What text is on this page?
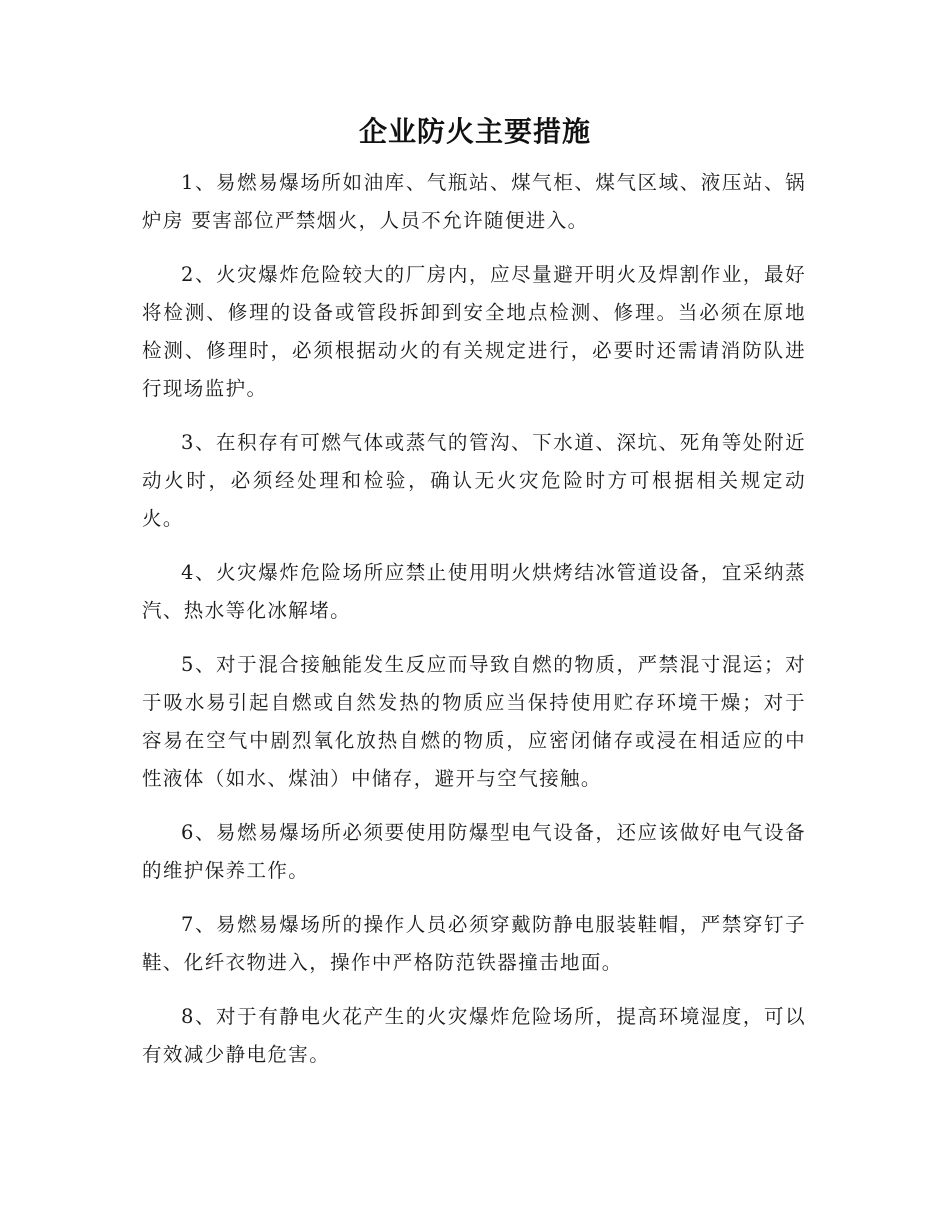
企业防火主要措施

1、易燃易爆场所如油库、气瓶站、煤气柜、煤气区域、液压站、锅炉房 要害部位严禁烟火，人员不允许随便进入。

2、火灾爆炸危险较大的厂房内，应尽量避开明火及焊割作业，最好将检测、修理的设备或管段拆卸到安全地点检测、修理。当必须在原地检测、修理时，必须根据动火的有关规定进行，必要时还需请消防队进行现场监护。

3、在积存有可燃气体或蒸气的管沟、下水道、深坑、死角等处附近动火时，必须经处理和检验，确认无火灾危险时方可根据相关规定动火。

4、火灾爆炸危险场所应禁止使用明火烘烤结冰管道设备，宜采纳蒸汽、热水等化冰解堵。

5、对于混合接触能发生反应而导致自燃的物质，严禁混寸混运；对于吸水易引起自燃或自然发热的物质应当保持使用贮存环境干燥；对于容易在空气中剧烈氧化放热自燃的物质，应密闭储存或浸在相适应的中性液体（如水、煤油）中储存，避开与空气接触。

6、易燃易爆场所必须要使用防爆型电气设备，还应该做好电气设备的维护保养工作。

7、易燃易爆场所的操作人员必须穿戴防静电服装鞋帽，严禁穿钉子鞋、化纤衣物进入，操作中严格防范铁器撞击地面。

8、对于有静电火花产生的火灾爆炸危险场所，提高环境湿度，可以有效减少静电危害。
